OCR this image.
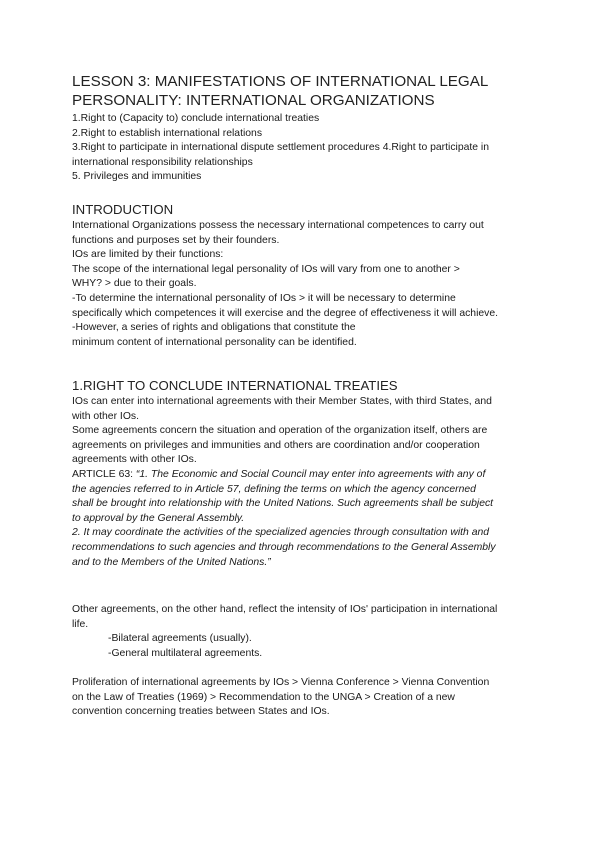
LESSON 3: MANIFESTATIONS OF INTERNATIONAL LEGAL

PERSONALITY: INTERNATIONAL ORGANIZATIONS

1.Right to (Capacity to) conclude international treaties

2.Right to establish international relations

3.Right to participate in international dispute settlement procedures 4.Right to participate in

international responsibility relationships

5. Privileges and immunities

INTRODUCTION

International Organizations possess the necessary international competences to carry out

functions and purposes set by their founders.

IOs are limited by their functions:

The scope of the international legal personality of IOs will vary from one to another >

WHY? > due to their goals.

-To determine the international personality of IOs > it will be necessary to determine

specifically which competences it will exercise and the degree of effectiveness it will achieve.

-However, a series of rights and obligations that constitute the

minimum content of international personality can be identified.

1.RIGHT TO CONCLUDE INTERNATIONAL TREATIES

IOs can enter into international agreements with their Member States, with third States, and

with other IOs.

Some agreements concern the situation and operation of the organization itself, others are

agreements on privileges and immunities and others are coordination and/or cooperation

agreements with other IOs.

ARTICLE 63: “1. The Economic and Social Council may enter into agreements with any of

the agencies referred to in Article 57, defining the terms on which the agency concerned

shall be brought into relationship with the United Nations. Such agreements shall be subject

to approval by the General Assembly.

2. It may coordinate the activities of the specialized agencies through consultation with and

recommendations to such agencies and through recommendations to the General Assembly

and to the Members of the United Nations.”

Other agreements, on the other hand, reflect the intensity of IOs' participation in international

life.

-Bilateral agreements (usually).

-General multilateral agreements.

Proliferation of international agreements by IOs > Vienna Conference > Vienna Convention

on the Law of Treaties (1969) > Recommendation to the UNGA > Creation of a new

convention concerning treaties between States and IOs.
